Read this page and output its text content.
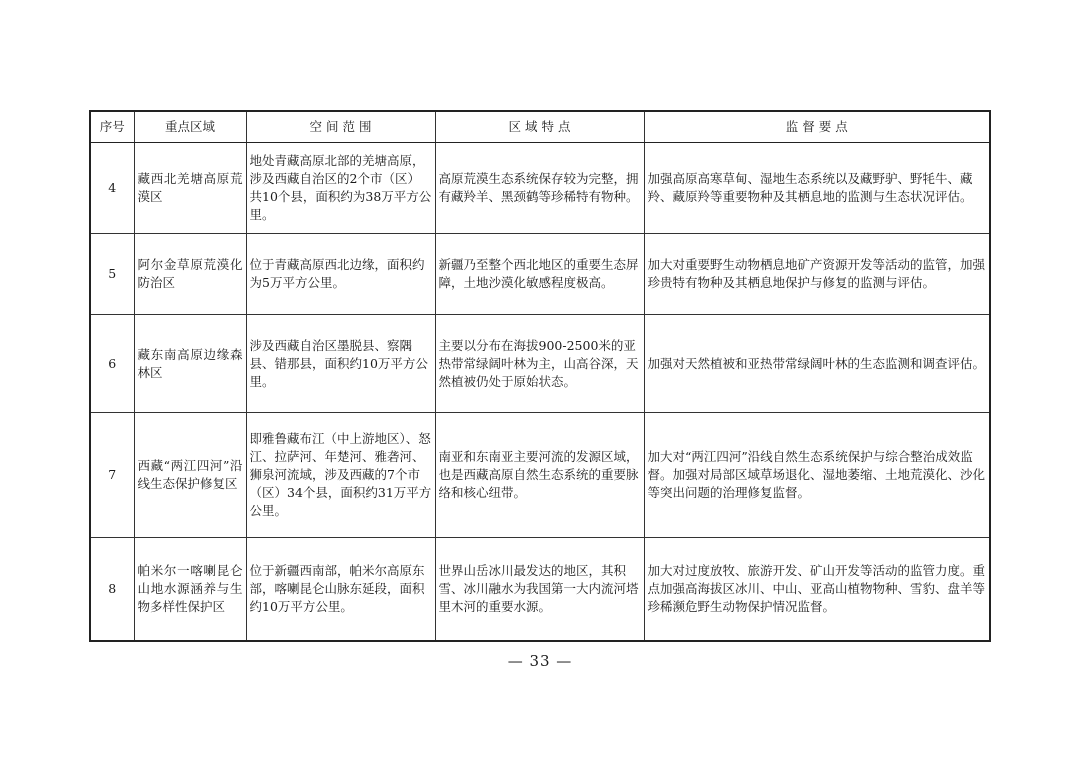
序号	重点区域	空 间 范 围	区 域 特 点	监 督 要 点
4	藏西北羌塘高原荒漠区	地处青藏高原北部的羌塘高原，涉及西藏自治区的2个市（区）共10个县，面积约为38万平方公里。	高原荒漠生态系统保存较为完整，拥有藏羚羊、黑颈鹤等珍稀特有物种。	加强高原高寒草甸、湿地生态系统以及藏野驴、野牦牛、藏羚、藏原羚等重要物种及其栖息地的监测与生态状况评估。
5	阿尔金草原荒漠化防治区	位于青藏高原西北边缘，面积约为5万平方公里。	新疆乃至整个西北地区的重要生态屏障，土地沙漠化敏感程度极高。	加大对重要野生动物栖息地矿产资源开发等活动的监管，加强珍贵特有物种及其栖息地保护与修复的监测与评估。
6	藏东南高原边缘森林区	涉及西藏自治区墨脱县、察隅县、错那县，面积约10万平方公里。	主要以分布在海拔900-2500米的亚热带常绿阔叶林为主，山高谷深，天然植被仍处于原始状态。	加强对天然植被和亚热带常绿阔叶林的生态监测和调查评估。
7	西藏“两江四河”沿线生态保护修复区	即雅鲁藏布江（中上游地区）、怒江、拉萨河、年楚河、雅砻河、狮泉河流域，涉及西藏的7个市（区）34个县，面积约31万平方公里。	南亚和东南亚主要河流的发源区域，也是西藏高原自然生态系统的重要脉络和核心纽带。	加大对“两江四河”沿线自然生态系统保护与综合整治成效监督。加强对局部区域草场退化、湿地萎缩、土地荒漠化、沙化等突出问题的治理修复监督。
8	帕米尔一喀喇昆仑山地水源涵养与生物多样性保护区	位于新疆西南部，帕米尔高原东部，喀喇昆仑山脉东延段，面积约10万平方公里。	世界山岳冰川最发达的地区，其积雪、冰川融水为我国第一大内流河塔里木河的重要水源。	加大对过度放牧、旅游开发、矿山开发等活动的监管力度。重点加强高海拔区冰川、中山、亚高山植物物种、雪豹、盘羊等珍稀濒危野生动物保护情况监督。
— 33 —
